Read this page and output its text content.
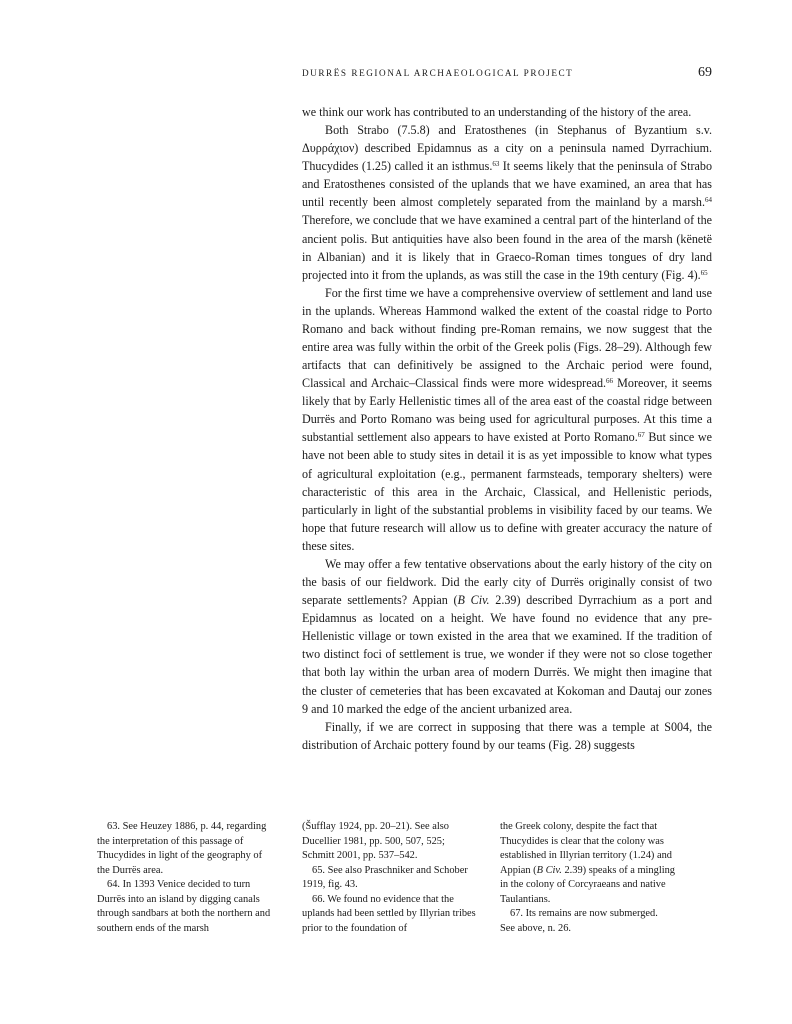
DURRËS REGIONAL ARCHAEOLOGICAL PROJECT	69

we think our work has contributed to an understanding of the history of the area.

Both Strabo (7.5.8) and Eratosthenes (in Stephanus of Byzantium s.v. Δυρράχιον) described Epidamnus as a city on a peninsula named Dyrrachium. Thucydides (1.25) called it an isthmus.$^{63}$ It seems likely that the peninsula of Strabo and Eratosthenes consisted of the uplands that we have examined, an area that has until recently been almost completely separated from the mainland by a marsh.$^{64}$ Therefore, we conclude that we have examined a central part of the hinterland of the ancient polis. But antiquities have also been found in the area of the marsh (kënetë in Albanian) and it is likely that in Graeco-Roman times tongues of dry land projected into it from the uplands, as was still the case in the 19th century (Fig. 4).$^{65}$

For the first time we have a comprehensive overview of settlement and land use in the uplands. Whereas Hammond walked the extent of the coastal ridge to Porto Romano and back without finding pre-Roman remains, we now suggest that the entire area was fully within the orbit of the Greek polis (Figs. 28–29). Although few artifacts that can definitively be assigned to the Archaic period were found, Classical and Archaic–Classical finds were more widespread.$^{66}$ Moreover, it seems likely that by Early Hellenistic times all of the area east of the coastal ridge between Durrës and Porto Romano was being used for agricultural purposes. At this time a substantial settlement also appears to have existed at Porto Romano.$^{67}$ But since we have not been able to study sites in detail it is as yet impossible to know what types of agricultural exploitation (e.g., permanent farmsteads, temporary shelters) were characteristic of this area in the Archaic, Classical, and Hellenistic periods, particularly in light of the substantial problems in visibility faced by our teams. We hope that future research will allow us to define with greater accuracy the nature of these sites.

We may offer a few tentative observations about the early history of the city on the basis of our fieldwork. Did the early city of Durrës originally consist of two separate settlements? Appian (B Civ. 2.39) described Dyrrachium as a port and Epidamnus as located on a height. We have found no evidence that any pre-Hellenistic village or town existed in the area that we examined. If the tradition of two distinct foci of settlement is true, we wonder if they were not so close together that both lay within the urban area of modern Durrës. We might then imagine that the cluster of cemeteries that has been excavated at Kokoman and Dautaj our zones 9 and 10 marked the edge of the ancient urbanized area.

Finally, if we are correct in supposing that there was a temple at S004, the distribution of Archaic pottery found by our teams (Fig. 28) suggests

63. See Heuzey 1886, p. 44, regarding the interpretation of this passage of Thucydides in light of the geography of the Durrës area.

64. In 1393 Venice decided to turn Durrës into an island by digging canals through sandbars at both the northern and southern ends of the marsh

(Šufflay 1924, pp. 20–21). See also Ducellier 1981, pp. 500, 507, 525; Schmitt 2001, pp. 537–542.

65. See also Praschniker and Schober 1919, fig. 43.

66. We found no evidence that the uplands had been settled by Illyrian tribes prior to the foundation of

the Greek colony, despite the fact that Thucydides is clear that the colony was established in Illyrian territory (1.24) and Appian (B Civ. 2.39) speaks of a mingling in the colony of Corcyraeans and native Taulantians.

67. Its remains are now submerged. See above, n. 26.
